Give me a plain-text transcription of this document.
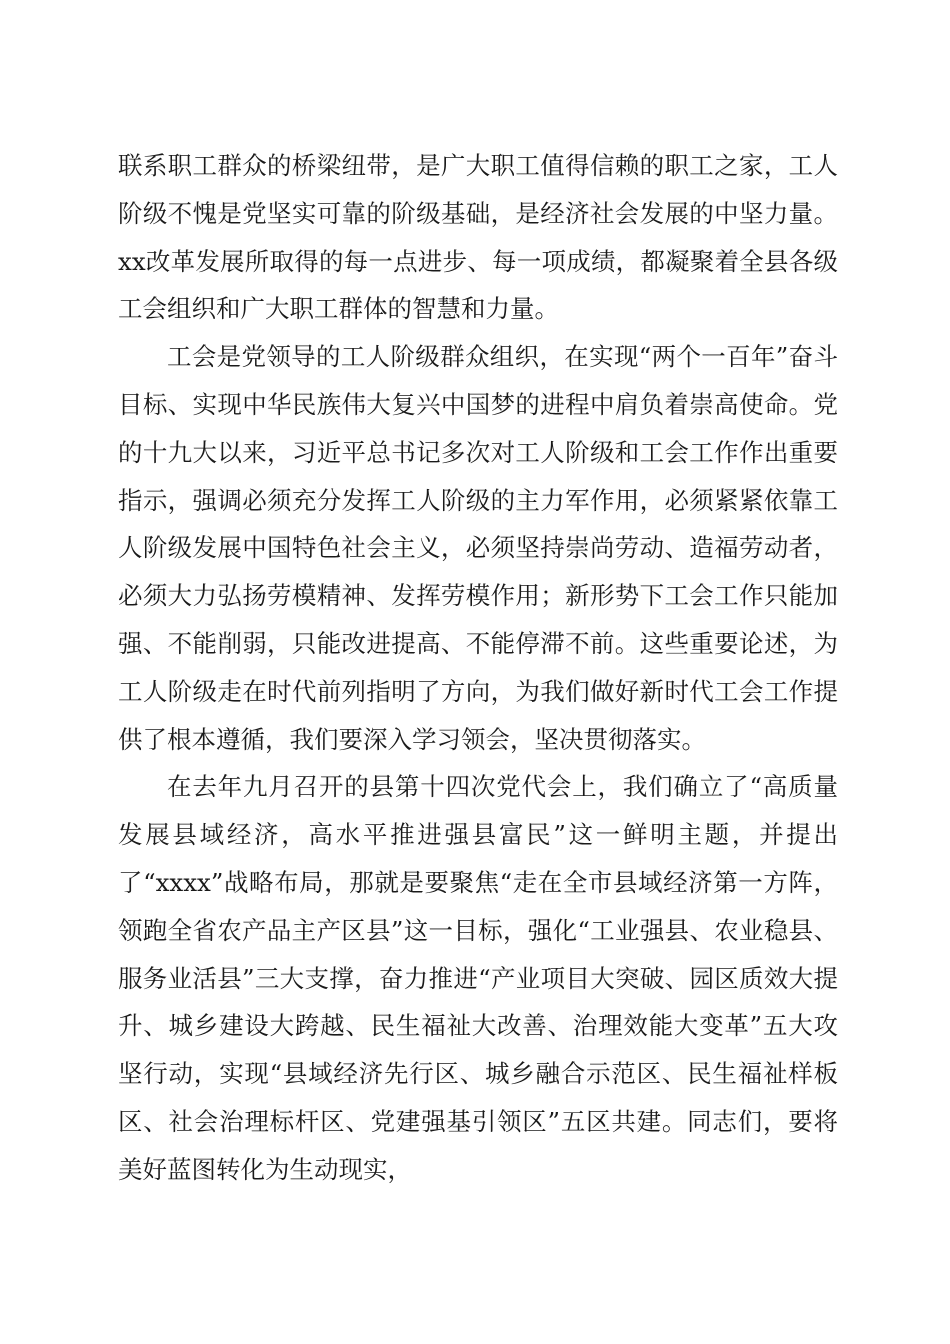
联系职工群众的桥梁纽带，是广大职工值得信赖的职工之家，工人阶级不愧是党坚实可靠的阶级基础，是经济社会发展的中坚力量。xx改革发展所取得的每一点进步、每一项成绩，都凝聚着全县各级工会组织和广大职工群体的智慧和力量。

工会是党领导的工人阶级群众组织，在实现“两个一百年”奋斗目标、实现中华民族伟大复兴中国梦的进程中肩负着崇高使命。党的十九大以来，习近平总书记多次对工人阶级和工会工作作出重要指示，强调必须充分发挥工人阶级的主力军作用，必须紧紧依靠工人阶级发展中国特色社会主义，必须坚持崇尚劳动、造福劳动者，必须大力弘扬劳模精神、发挥劳模作用；新形势下工会工作只能加强、不能削弱，只能改进提高、不能停滞不前。这些重要论述，为工人阶级走在时代前列指明了方向，为我们做好新时代工会工作提供了根本遵循，我们要深入学习领会，坚决贯彻落实。

在去年九月召开的县第十四次党代会上，我们确立了“高质量发展县域经济，高水平推进强县富民”这一鲜明主题，并提出了“xxxx”战略布局，那就是要聚焦“走在全市县域经济第一方阵，领跑全省农产品主产区县”这一目标，强化“工业强县、农业稳县、服务业活县”三大支撑，奋力推进“产业项目大突破、园区质效大提升、城乡建设大跨越、民生福祉大改善、治理效能大变革”五大攻坚行动，实现“县域经济先行区、城乡融合示范区、民生福祉样板区、社会治理标杆区、党建强基引领区”五区共建。同志们，要将美好蓝图转化为生动现实，
